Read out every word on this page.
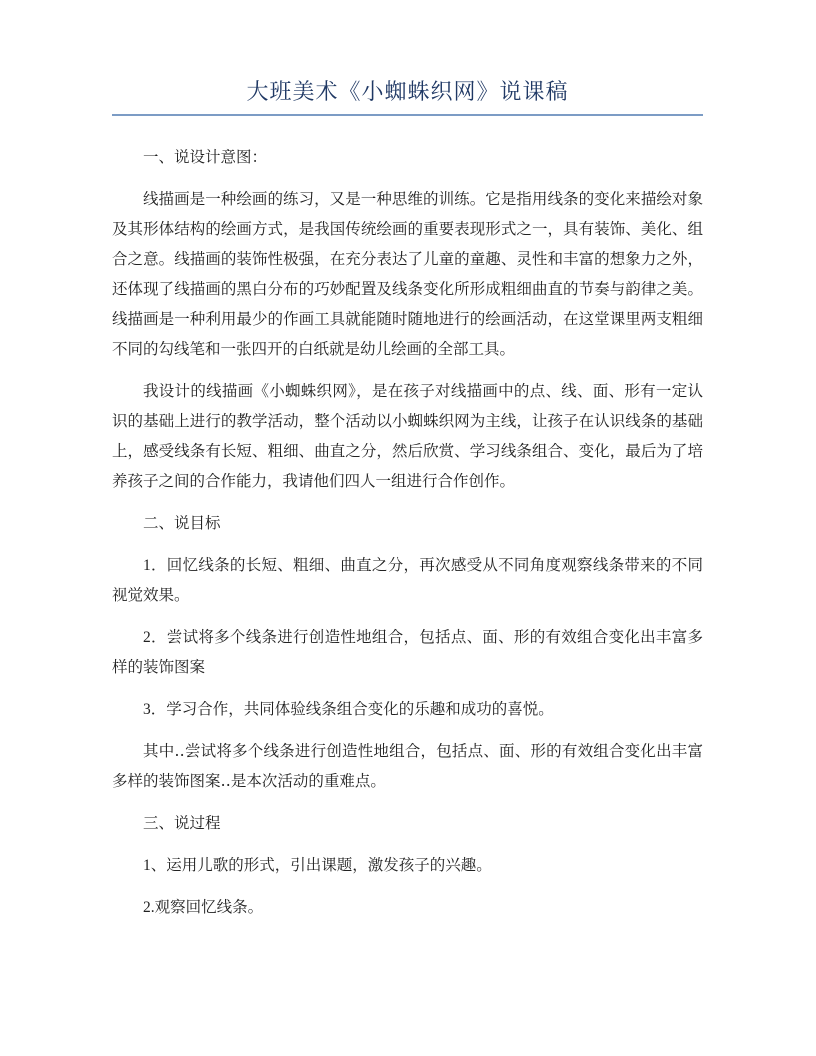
大班美术《小蜘蛛织网》说课稿

一、说设计意图：

线描画是一种绘画的练习，又是一种思维的训练。它是指用线条的变化来描绘对象及其形体结构的绘画方式，是我国传统绘画的重要表现形式之一，具有装饰、美化、组合之意。线描画的装饰性极强，在充分表达了儿童的童趣、灵性和丰富的想象力之外，还体现了线描画的黑白分布的巧妙配置及线条变化所形成粗细曲直的节奏与韵律之美。线描画是一种利用最少的作画工具就能随时随地进行的绘画活动，在这堂课里两支粗细不同的勾线笔和一张四开的白纸就是幼儿绘画的全部工具。

我设计的线描画《小蜘蛛织网》，是在孩子对线描画中的点、线、面、形有一定认识的基础上进行的教学活动，整个活动以小蜘蛛织网为主线，让孩子在认识线条的基础上，感受线条有长短、粗细、曲直之分，然后欣赏、学习线条组合、变化，最后为了培养孩子之间的合作能力，我请他们四人一组进行合作创作。

二、说目标

1．回忆线条的长短、粗细、曲直之分，再次感受从不同角度观察线条带来的不同视觉效果。

2．尝试将多个线条进行创造性地组合，包括点、面、形的有效组合变化出丰富多样的装饰图案

3．学习合作，共同体验线条组合变化的乐趣和成功的喜悦。

其中‥尝试将多个线条进行创造性地组合，包括点、面、形的有效组合变化出丰富多样的装饰图案‥是本次活动的重难点。

三、说过程

1、运用儿歌的形式，引出课题，激发孩子的兴趣。

2.观察回忆线条。
